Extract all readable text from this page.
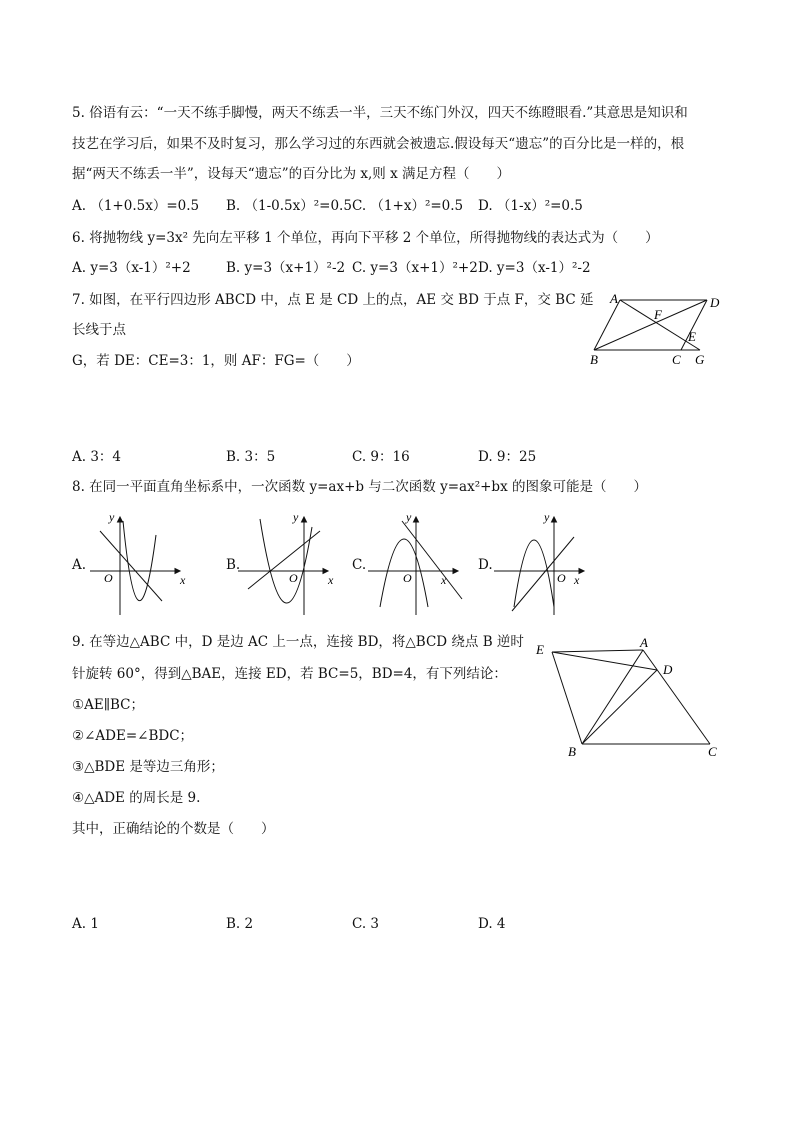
5. 俗语有云：“一天不练手脚慢，两天不练丢一半，三天不练门外汉，四天不练瞪眼看.”其意思是知识和
技艺在学习后，如果不及时复习，那么学习过的东西就会被遗忘.假设每天“遗忘”的百分比是一样的，根
据“两天不练丢一半”，设每天“遗忘”的百分比为 x,则 x 满足方程（　　）
A. （1+0.5x）=0.5 B. （1-0.5x）²=0.5 C. （1+x）²=0.5 D. （1-x）²=0.5
6. 将抛物线 y=3x² 先向左平移 1 个单位，再向下平移 2 个单位，所得抛物线的表达式为（　　）
A. y=3（x-1）²+2	B. y=3（x+1）²-2 C. y=3（x+1）²+2 D. y=3（x-1）²-2
7. 如图，在平行四边形 ABCD 中，点 E 是 CD 上的点，AE 交 BD 于点 F，交 BC 延
长线于点
G，若 DE：CE=3：1，则 AF：FG=（　　）
A	D
F
E
B	C G
A. 3：4	B. 3：5	C. 9：16	D. 9：25
8. 在同一平面直角坐标系中，一次函数 y=ax+b 与二次函数 y=ax²+bx 的图象可能是（　　）
A.
y
x
O
B.
y
x
O
C.
y
x
O
D.
y
x
O
9. 在等边△ABC 中，D 是边 AC 上一点，连接 BD，将△BCD 绕点 B 逆时
针旋转 60°，得到△BAE，连接 ED，若 BC=5，BD=4，有下列结论：
①AE∥BC；
②∠ADE=∠BDC；
③△BDE 是等边三角形；
④△ADE 的周长是 9.
其中，正确结论的个数是（　　）
E	A
D
B	C
A. 1	B. 2	C. 3	D. 4
